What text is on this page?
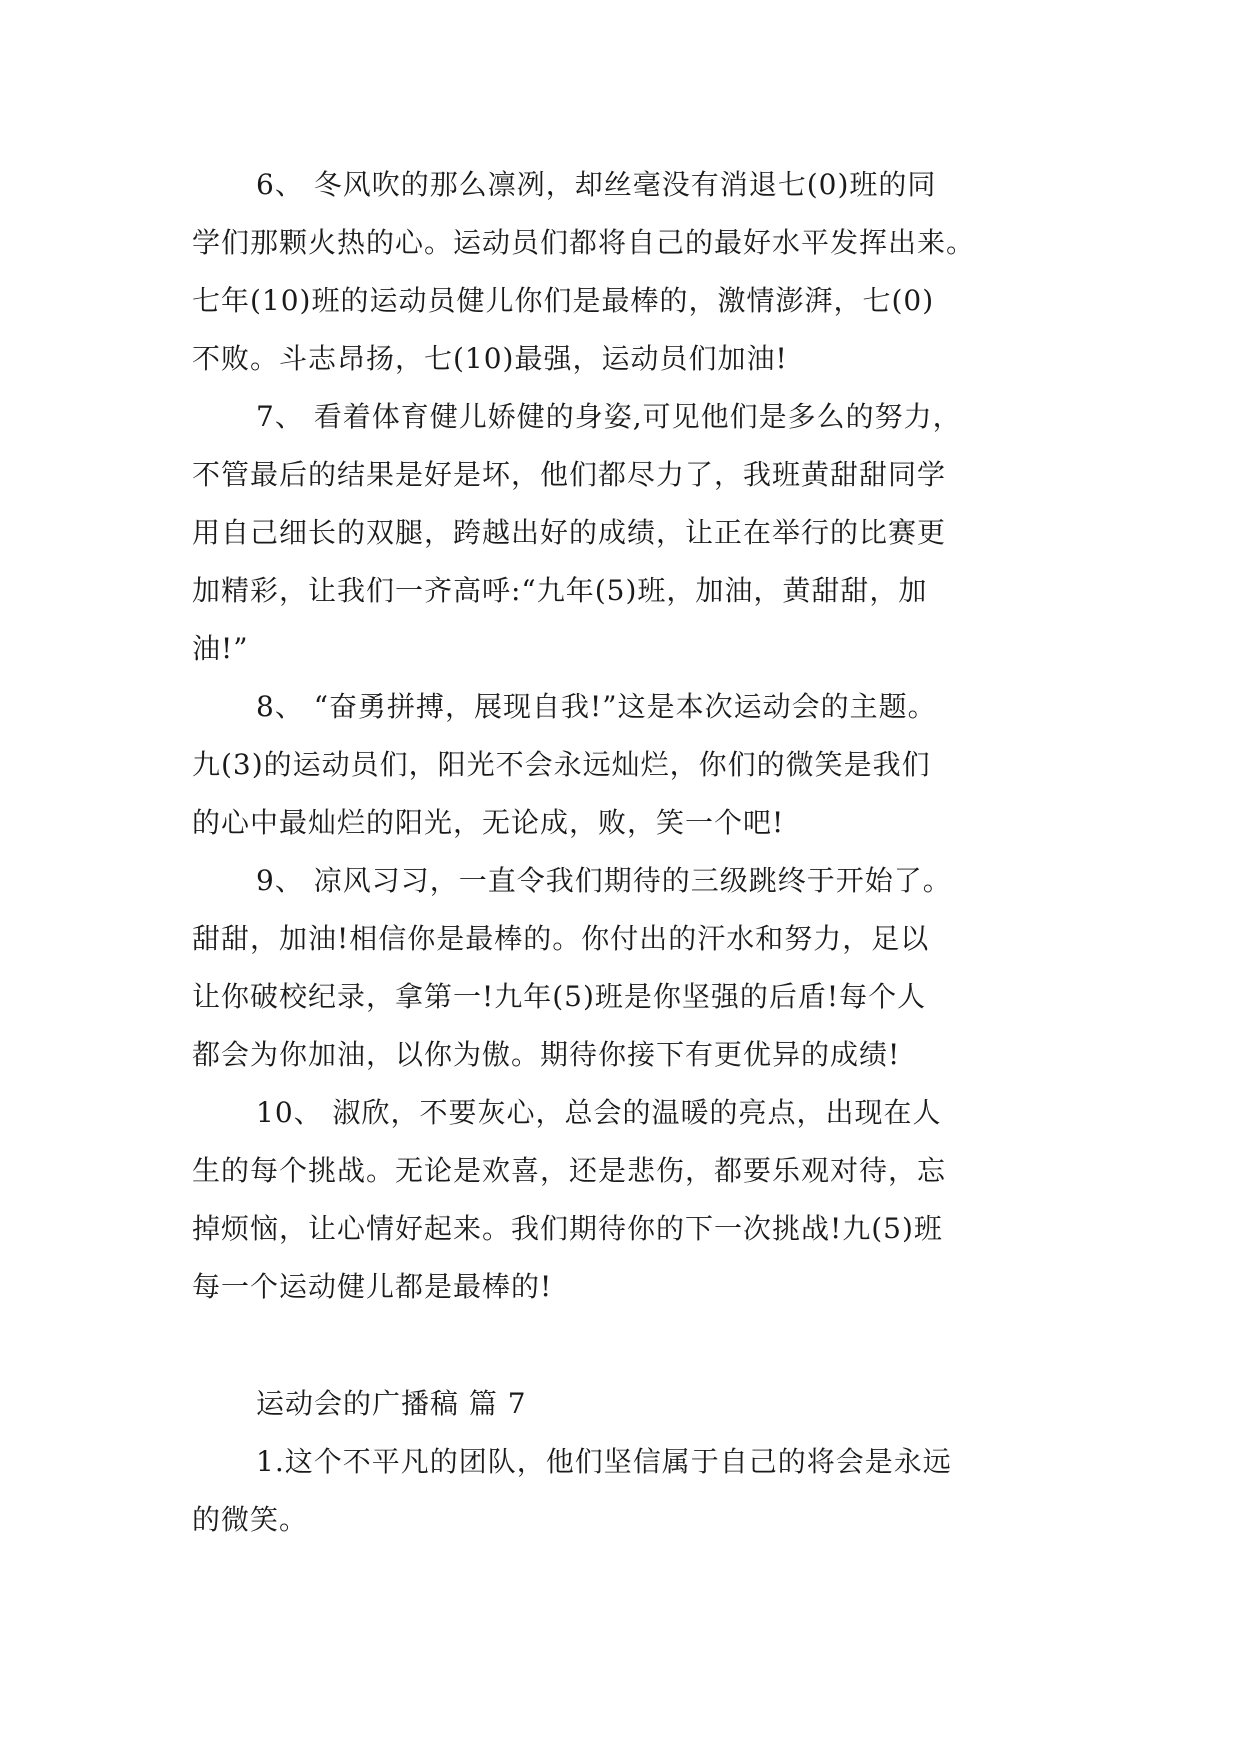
6、 冬风吹的那么凛冽，却丝毫没有消退七(0)班的同
学们那颗火热的心。运动员们都将自己的最好水平发挥出来。
七年(10)班的运动员健儿你们是最棒的，激情澎湃，七(0)
不败。斗志昂扬，七(10)最强，运动员们加油!
7、 看着体育健儿娇健的身姿,可见他们是多么的努力，
不管最后的结果是好是坏，他们都尽力了，我班黄甜甜同学
用自己细长的双腿，跨越出好的成绩，让正在举行的比赛更
加精彩，让我们一齐高呼:“九年(5)班，加油，黄甜甜，加
油!”
8、 “奋勇拼搏，展现自我!”这是本次运动会的主题。
九(3)的运动员们，阳光不会永远灿烂，你们的微笑是我们
的心中最灿烂的阳光，无论成，败，笑一个吧!
9、 凉风习习，一直令我们期待的三级跳终于开始了。
甜甜，加油!相信你是最棒的。你付出的汗水和努力，足以
让你破校纪录，拿第一!九年(5)班是你坚强的后盾!每个人
都会为你加油，以你为傲。期待你接下有更优异的成绩!
10、 淑欣，不要灰心，总会的温暖的亮点，出现在人
生的每个挑战。无论是欢喜，还是悲伤，都要乐观对待，忘
掉烦恼，让心情好起来。我们期待你的下一次挑战!九(5)班
每一个运动健儿都是最棒的!
运动会的广播稿 篇 7
1.这个不平凡的团队，他们坚信属于自己的将会是永远
的微笑。
